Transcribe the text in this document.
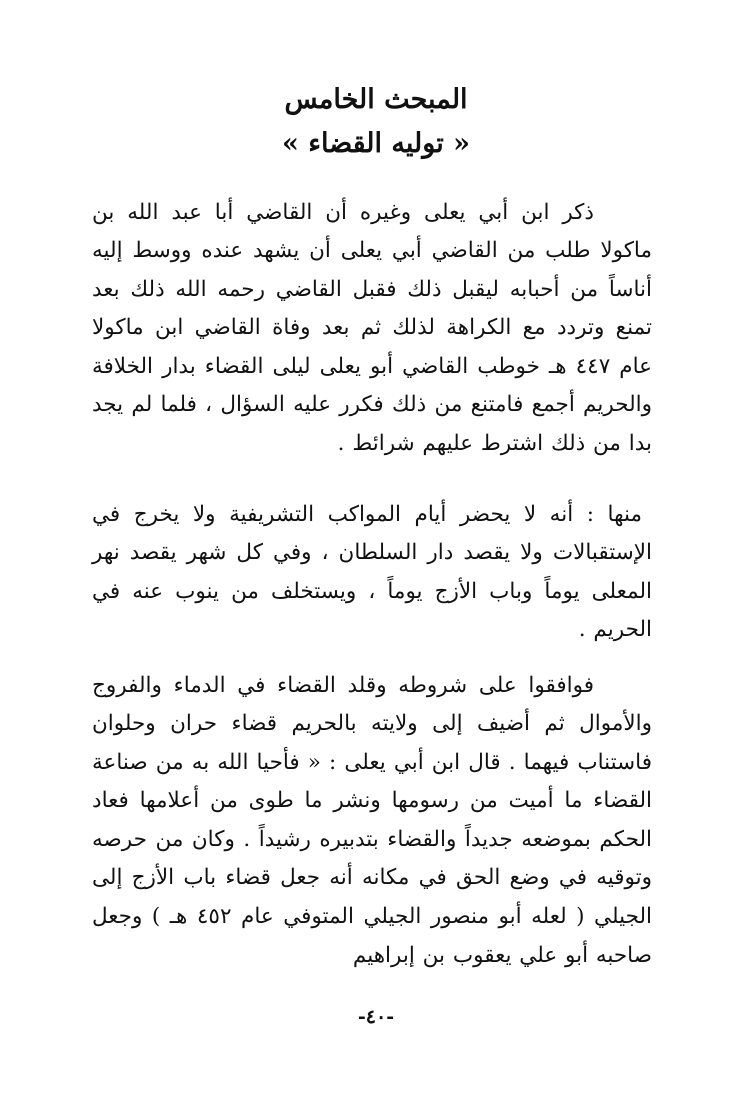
المبحث الخامس
« توليه القضاء »

ذكر ابن أبي يعلى وغيره أن القاضي أبا عبد الله بن ماكولا طلب من القاضي أبي يعلى أن يشهد عنده ووسط إليه أناساً من أحبابه ليقبل ذلك فقبل القاضي رحمه الله ذلك بعد تمنع وتردد مع الكراهة لذلك ثم بعد وفاة القاضي ابن ماكولا عام ٤٤٧ هـ خوطب القاضي أبو يعلى ليلى القضاء بدار الخلافة والحريم أجمع فامتنع من ذلك فكرر عليه السؤال ، فلما لم يجد بدا من ذلك اشترط عليهم شرائط .

منها : أنه لا يحضر أيام المواكب التشريفية ولا يخرج في الإستقبالات ولا يقصد دار السلطان ، وفي كل شهر يقصد نهر المعلى يوماً وباب الأزج يوماً ، ويستخلف من ينوب عنه في الحريم .

فوافقوا على شروطه وقلد القضاء في الدماء والفروج والأموال ثم أضيف إلى ولايته بالحريم قضاء حران وحلوان فاستناب فيهما . قال ابن أبي يعلى : « فأحيا الله به من صناعة القضاء ما أميت من رسومها ونشر ما طوى من أعلامها فعاد الحكم بموضعه جديداً والقضاء بتدبيره رشيداً . وكان من حرصه وتوقيه في وضع الحق في مكانه أنه جعل قضاء باب الأزج إلى الجيلي ( لعله أبو منصور الجيلي المتوفي عام ٤٥٢ هـ ) وجعل صاحبه أبو علي يعقوب بن إبراهيم

-٤٠-
